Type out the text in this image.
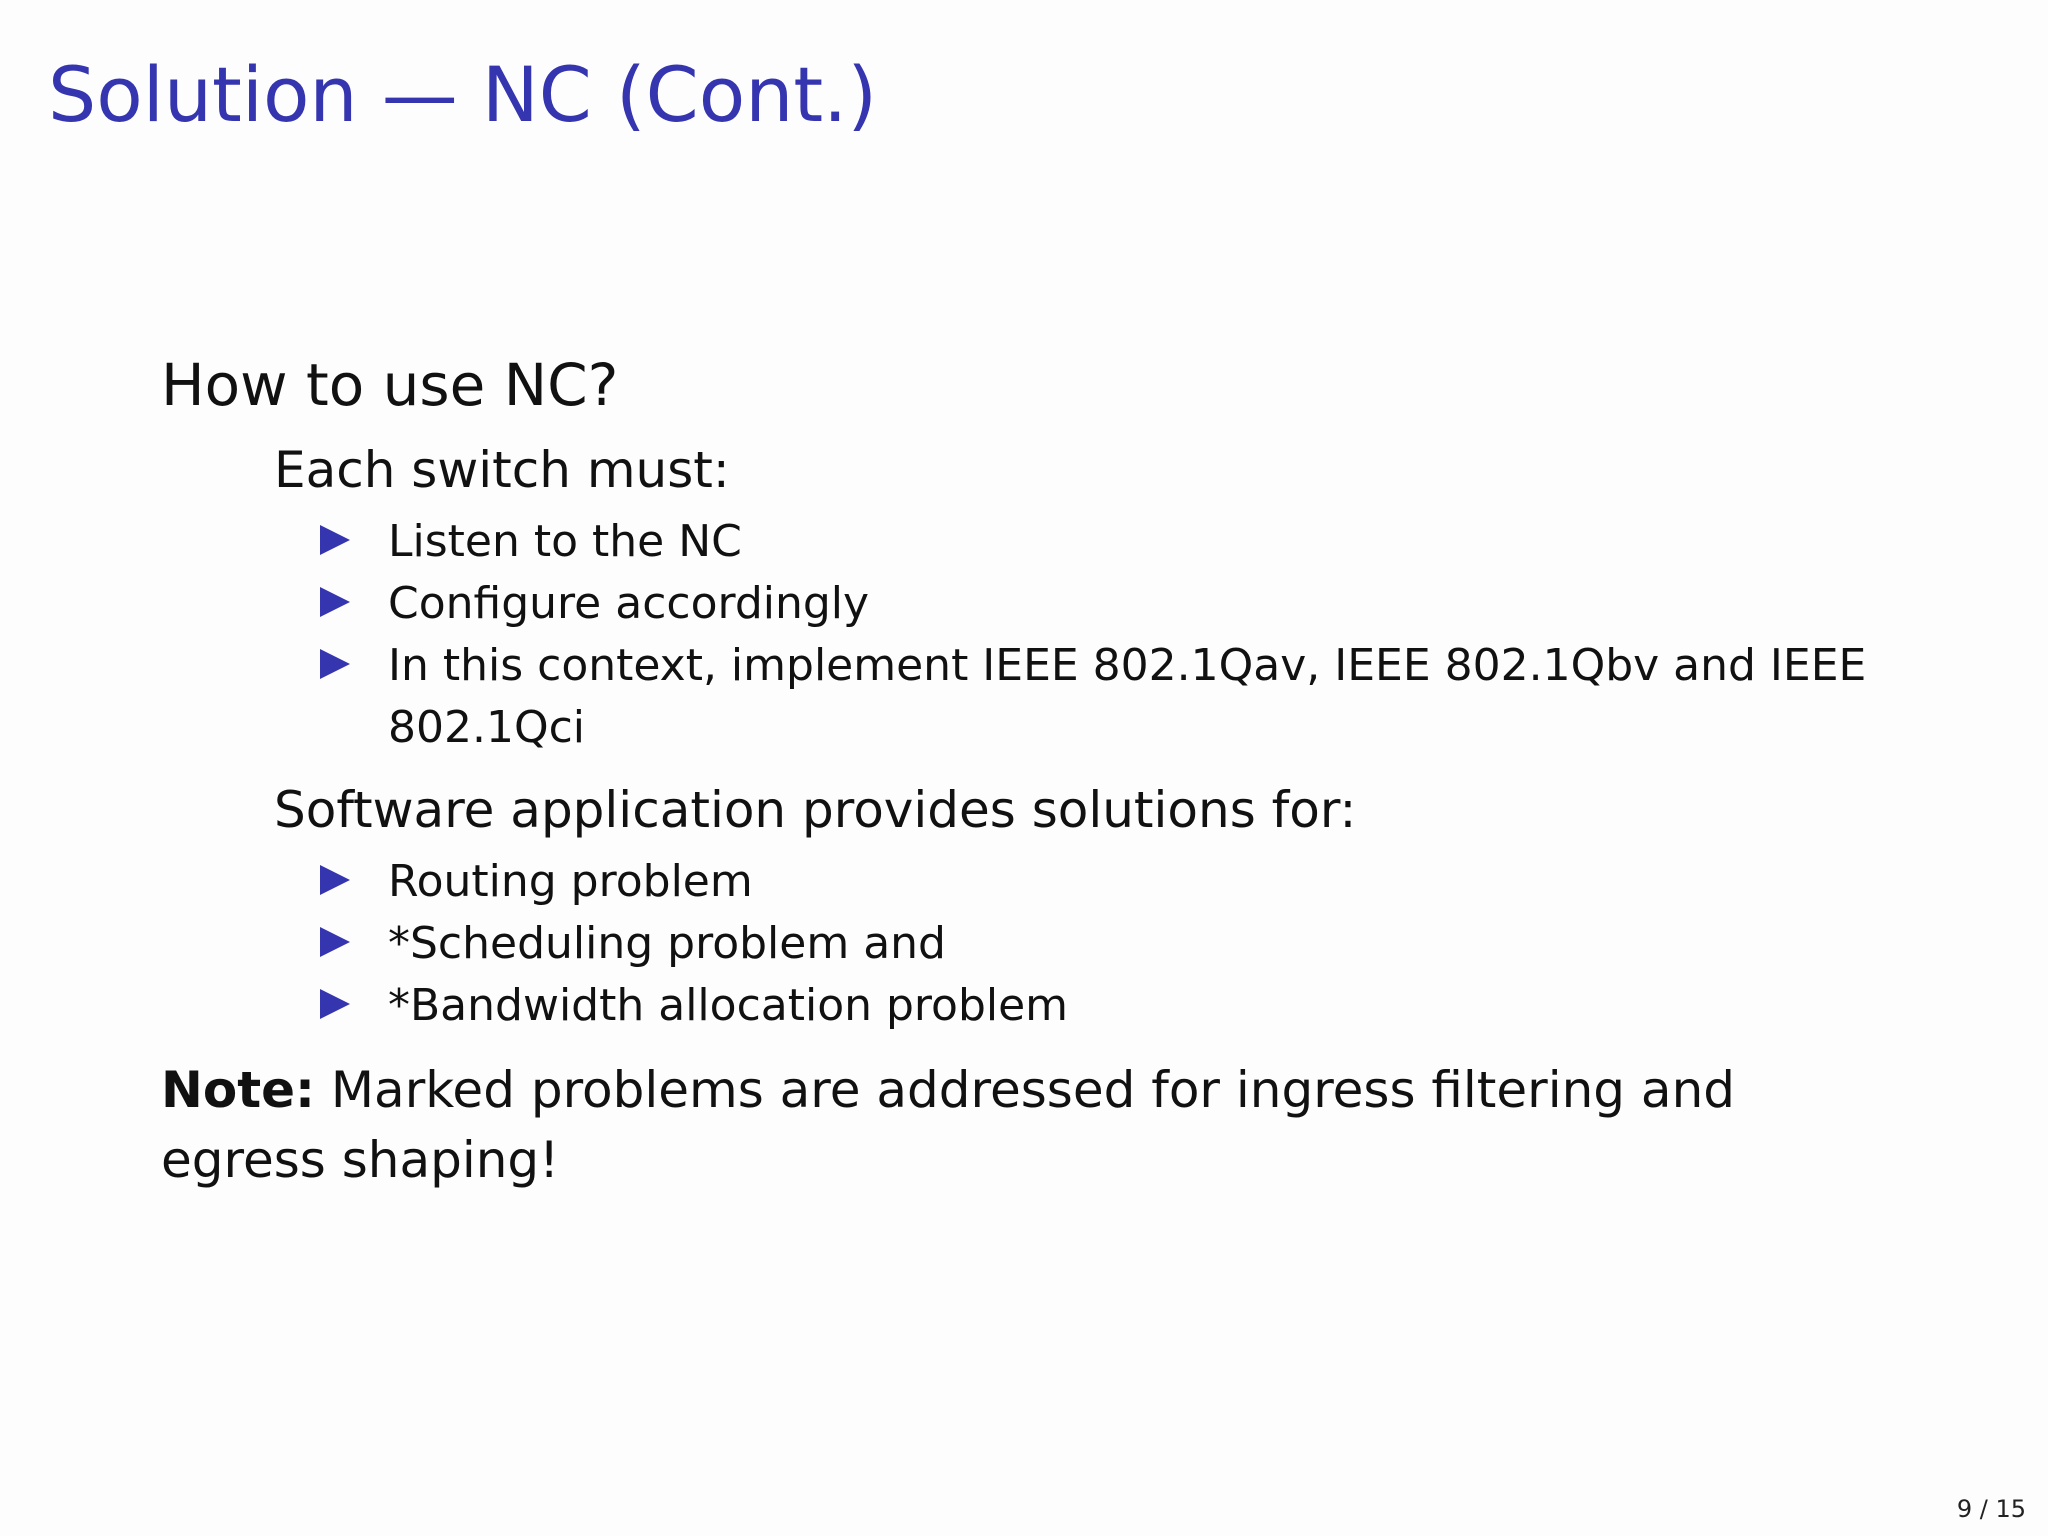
Solution — NC (Cont.)
How to use NC?
Each switch must:
Listen to the NC
Configure accordingly
In this context, implement IEEE 802.1Qav, IEEE 802.1Qbv and IEEE 802.1Qci
Software application provides solutions for:
Routing problem
*Scheduling problem and
*Bandwidth allocation problem
Note: Marked problems are addressed for ingress filtering and egress shaping!
9 / 15
